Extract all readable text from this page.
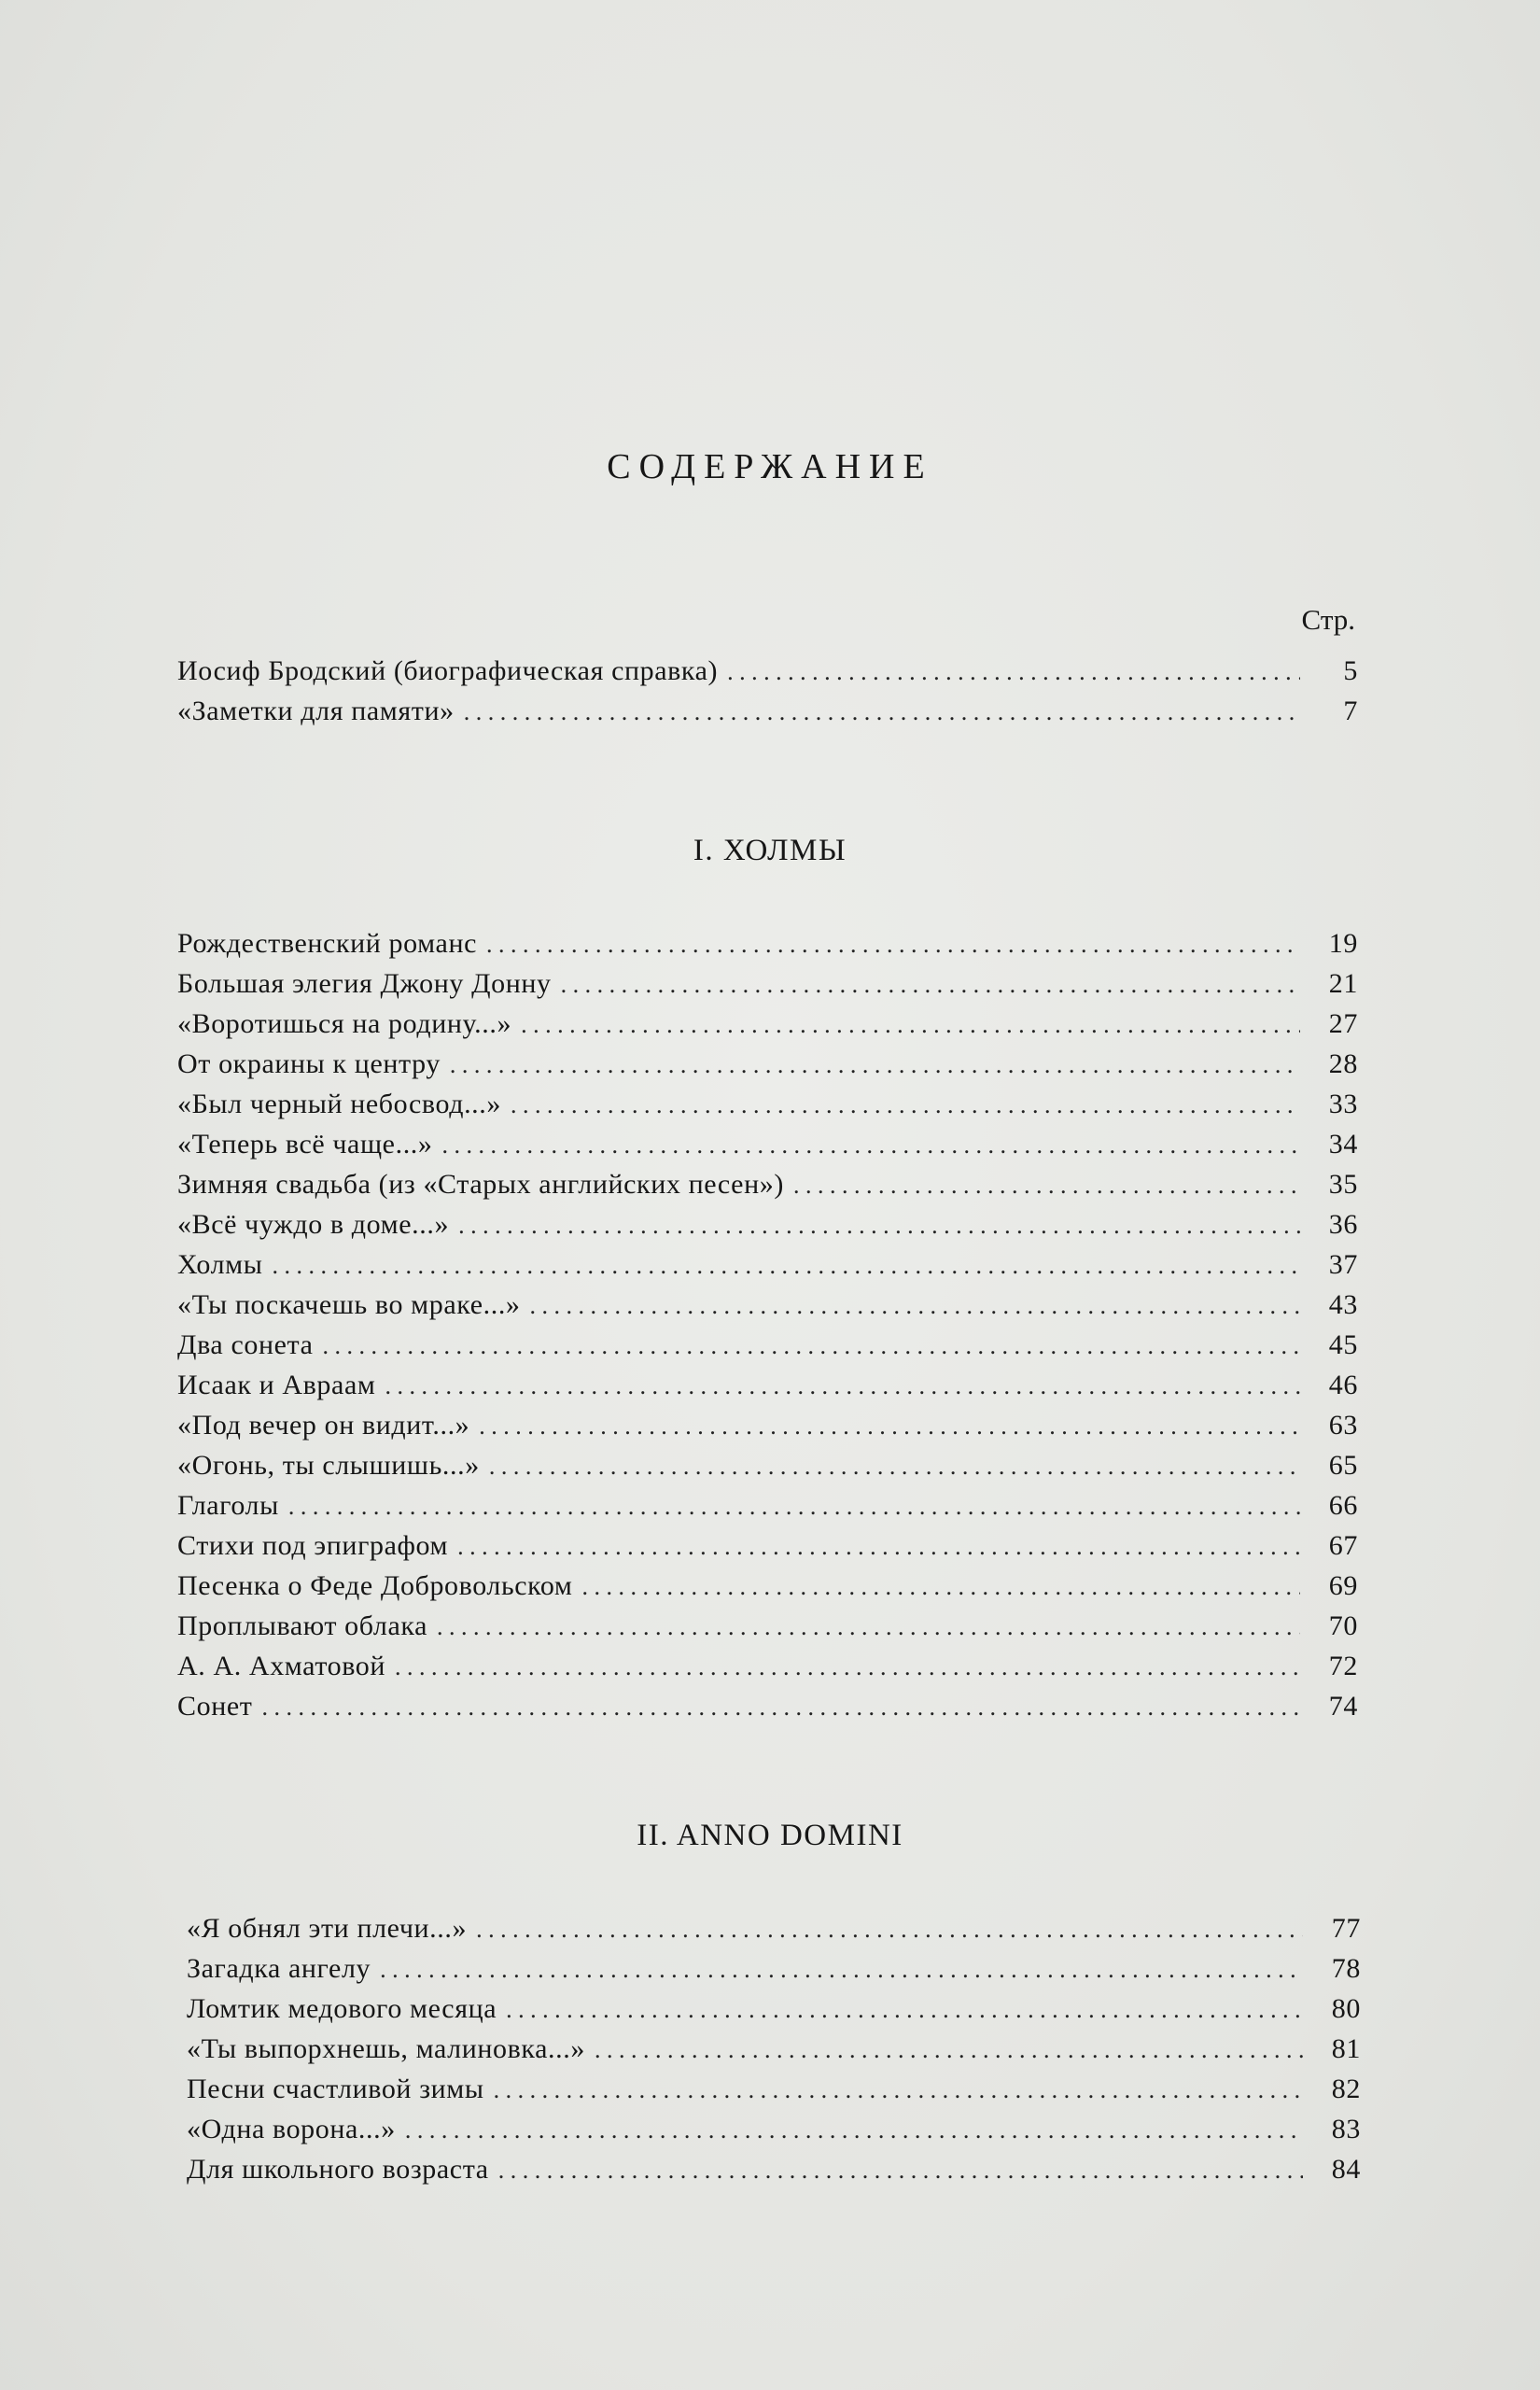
СОДЕРЖАНИЕ
Стр.
Иосиф Бродский (биографическая справка) . . .	5
«Заметки для памяти» . . .	7
I. ХОЛМЫ
Рождественский романс . . .	19
Большая элегия Джону Донну . . .	21
«Воротишься на родину...» . . .	27
От окраины к центру . . .	28
«Был черный небосвод...» . . .	33
«Теперь всё чаще...» . . .	34
Зимняя свадьба (из «Старых английских песен») . . .	35
«Всё чуждо в доме...» . . .	36
Холмы . . .	37
«Ты поскачешь во мраке...» . . .	43
Два сонета . . .	45
Исаак и Авраам . . .	46
«Под вечер он видит...» . . .	63
«Огонь, ты слышишь...» . . .	65
Глаголы . . .	66
Стихи под эпиграфом . . .	67
Песенка о Феде Добровольском . . .	69
Проплывают облака . . .	70
А. А. Ахматовой . . .	72
Сонет . . .	74
II. ANNO DOMINI
«Я обнял эти плечи...» . . .	77
Загадка ангелу . . .	78
Ломтик медового месяца . . .	80
«Ты выпорхнешь, малиновка...» . . .	81
Песни счастливой зимы . . .	82
«Одна ворона...» . . .	83
Для школьного возраста . . .	84
